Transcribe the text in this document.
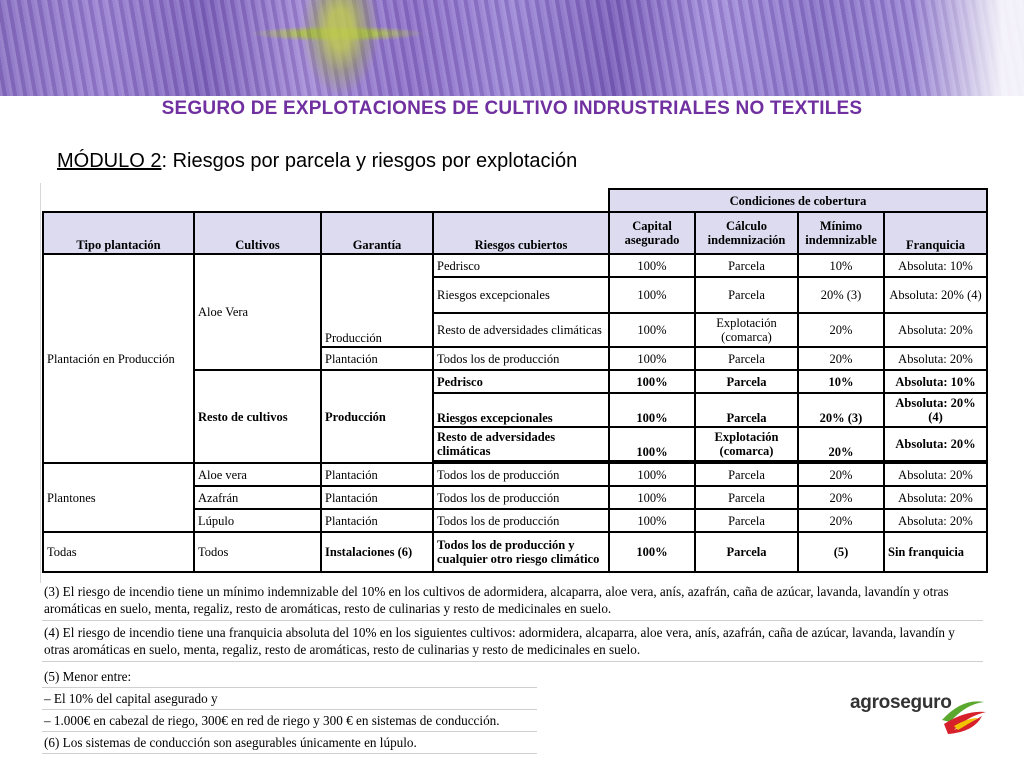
SEGURO DE EXPLOTACIONES DE CULTIVO INDRUSTRIALES NO TEXTILES
MÓDULO 2: Riesgos por parcela y riesgos por explotación
				Condiciones de cobertura			
Tipo plantación	Cultivos	Garantía	Riesgos cubiertos	Capital asegurado	Cálculo indemnización	Mínimo indemnizable	Franquicia
Plantación en Producción	Aloe Vera	Producción	Pedrisco	100%	Parcela	10%	Absoluta: 10%
			Riesgos excepcionales	100%	Parcela	20% (3)	Absoluta: 20% (4)
			Resto de adversidades climáticas	100%	Explotación (comarca)	20%	Absoluta: 20%
		Plantación	Todos los de producción	100%	Parcela	20%	Absoluta: 20%
	Resto de cultivos	Producción	Pedrisco	100%	Parcela	10%	Absoluta: 10%
			Riesgos excepcionales	100%	Parcela	20% (3)	Absoluta: 20% (4)
			Resto de adversidades climáticas	100%	Explotación (comarca)	20%	Absoluta: 20%

Plantones	Aloe vera	Plantación	Todos los de producción	100%	Parcela	20%	Absoluta: 20%
	Azafrán	Plantación	Todos los de producción	100%	Parcela	20%	Absoluta: 20%
	Lúpulo	Plantación	Todos los de producción	100%	Parcela	20%	Absoluta: 20%
Todas	Todos	Instalaciones (6)	Todos los de producción y cualquier otro riesgo climático	100%	Parcela	(5)	Sin franquicia
(3) El riesgo de incendio tiene un mínimo indemnizable del 10% en los cultivos de adormidera, alcaparra, aloe vera, anís, azafrán, caña de azúcar, lavanda, lavandín y otras aromáticas en suelo, menta, regaliz, resto de aromáticas, resto de culinarias y resto de medicinales en suelo.
(4) El riesgo de incendio tiene una franquicia absoluta del 10% en los siguientes cultivos: adormidera, alcaparra, aloe vera, anís, azafrán, caña de azúcar, lavanda, lavandín y otras aromáticas en suelo, menta, regaliz, resto de aromáticas, resto de culinarias y resto de medicinales en suelo.
(5) Menor entre:
– El 10% del capital asegurado y
– 1.000€ en cabezal de riego, 300€ en red de riego y 300 € en sistemas de conducción.
(6) Los sistemas de conducción son asegurables únicamente en lúpulo.
agroseguro
